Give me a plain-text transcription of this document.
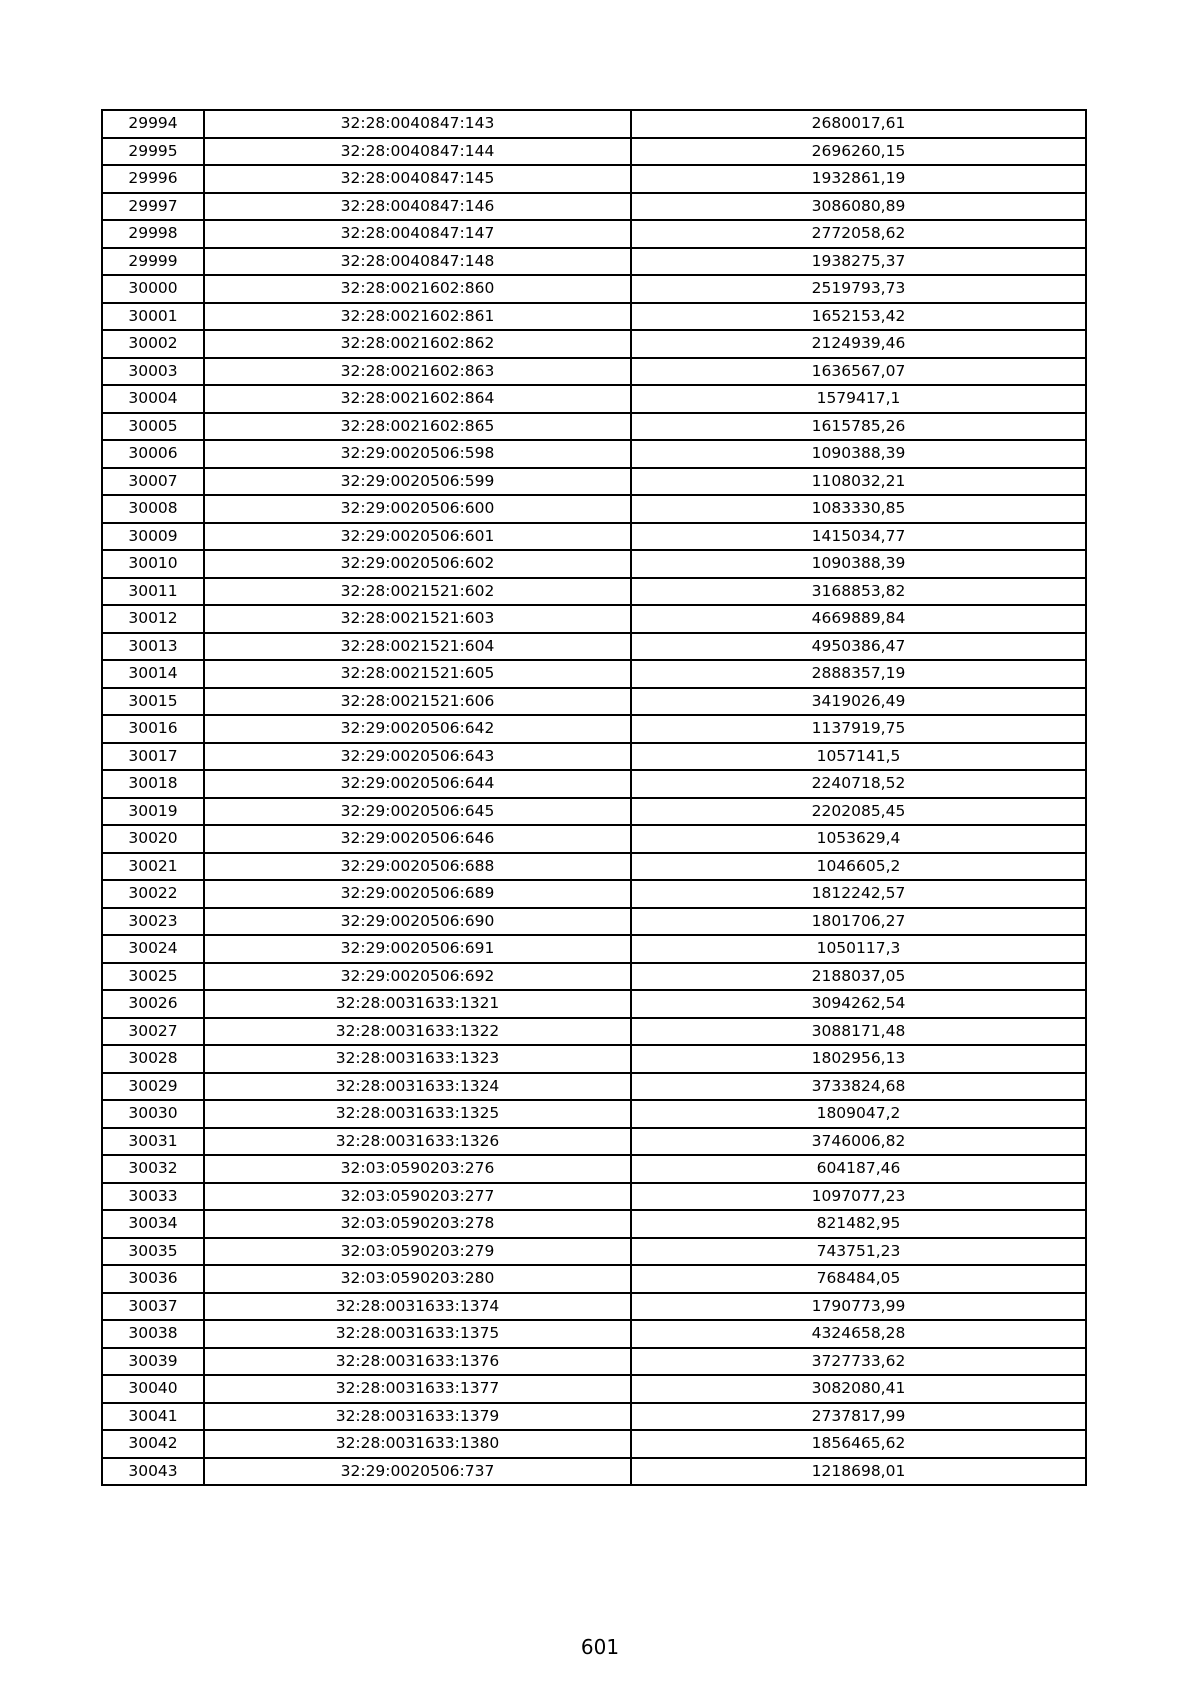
29994	32:28:0040847:143	2680017,61
29995	32:28:0040847:144	2696260,15
29996	32:28:0040847:145	1932861,19
29997	32:28:0040847:146	3086080,89
29998	32:28:0040847:147	2772058,62
29999	32:28:0040847:148	1938275,37
30000	32:28:0021602:860	2519793,73
30001	32:28:0021602:861	1652153,42
30002	32:28:0021602:862	2124939,46
30003	32:28:0021602:863	1636567,07
30004	32:28:0021602:864	1579417,1
30005	32:28:0021602:865	1615785,26
30006	32:29:0020506:598	1090388,39
30007	32:29:0020506:599	1108032,21
30008	32:29:0020506:600	1083330,85
30009	32:29:0020506:601	1415034,77
30010	32:29:0020506:602	1090388,39
30011	32:28:0021521:602	3168853,82
30012	32:28:0021521:603	4669889,84
30013	32:28:0021521:604	4950386,47
30014	32:28:0021521:605	2888357,19
30015	32:28:0021521:606	3419026,49
30016	32:29:0020506:642	1137919,75
30017	32:29:0020506:643	1057141,5
30018	32:29:0020506:644	2240718,52
30019	32:29:0020506:645	2202085,45
30020	32:29:0020506:646	1053629,4
30021	32:29:0020506:688	1046605,2
30022	32:29:0020506:689	1812242,57
30023	32:29:0020506:690	1801706,27
30024	32:29:0020506:691	1050117,3
30025	32:29:0020506:692	2188037,05
30026	32:28:0031633:1321	3094262,54
30027	32:28:0031633:1322	3088171,48
30028	32:28:0031633:1323	1802956,13
30029	32:28:0031633:1324	3733824,68
30030	32:28:0031633:1325	1809047,2
30031	32:28:0031633:1326	3746006,82
30032	32:03:0590203:276	604187,46
30033	32:03:0590203:277	1097077,23
30034	32:03:0590203:278	821482,95
30035	32:03:0590203:279	743751,23
30036	32:03:0590203:280	768484,05
30037	32:28:0031633:1374	1790773,99
30038	32:28:0031633:1375	4324658,28
30039	32:28:0031633:1376	3727733,62
30040	32:28:0031633:1377	3082080,41
30041	32:28:0031633:1379	2737817,99
30042	32:28:0031633:1380	1856465,62
30043	32:29:0020506:737	1218698,01
601
